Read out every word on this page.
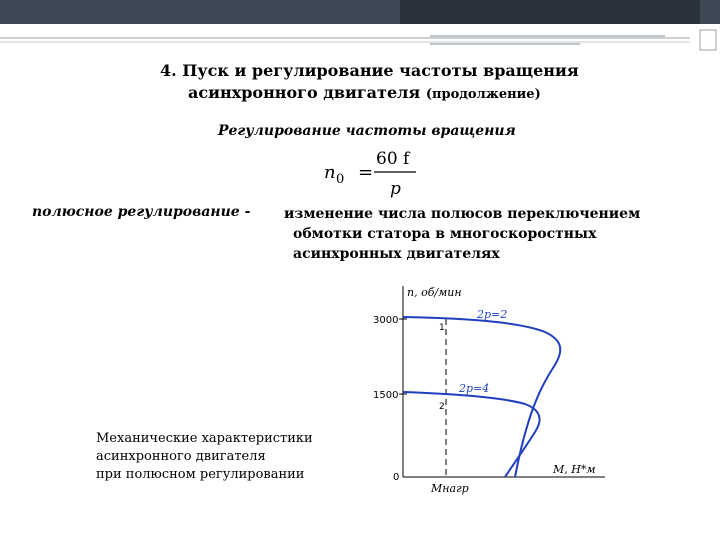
4. Пуск и регулирование частоты вращения
асинхронного двигателя (продолжение)
Регулирование частоты вращения
n 0 =
60 f
p
полюсное регулирование - изменение числа полюсов переключением
обмотки статора в многоскоростных
асинхронных двигателях
n, об/мин
3000
1500
0
Mнагр
1
2
2p=2
2p=4
M, Н*м
Механические характеристики
асинхронного двигателя
при полюсном регулировании
